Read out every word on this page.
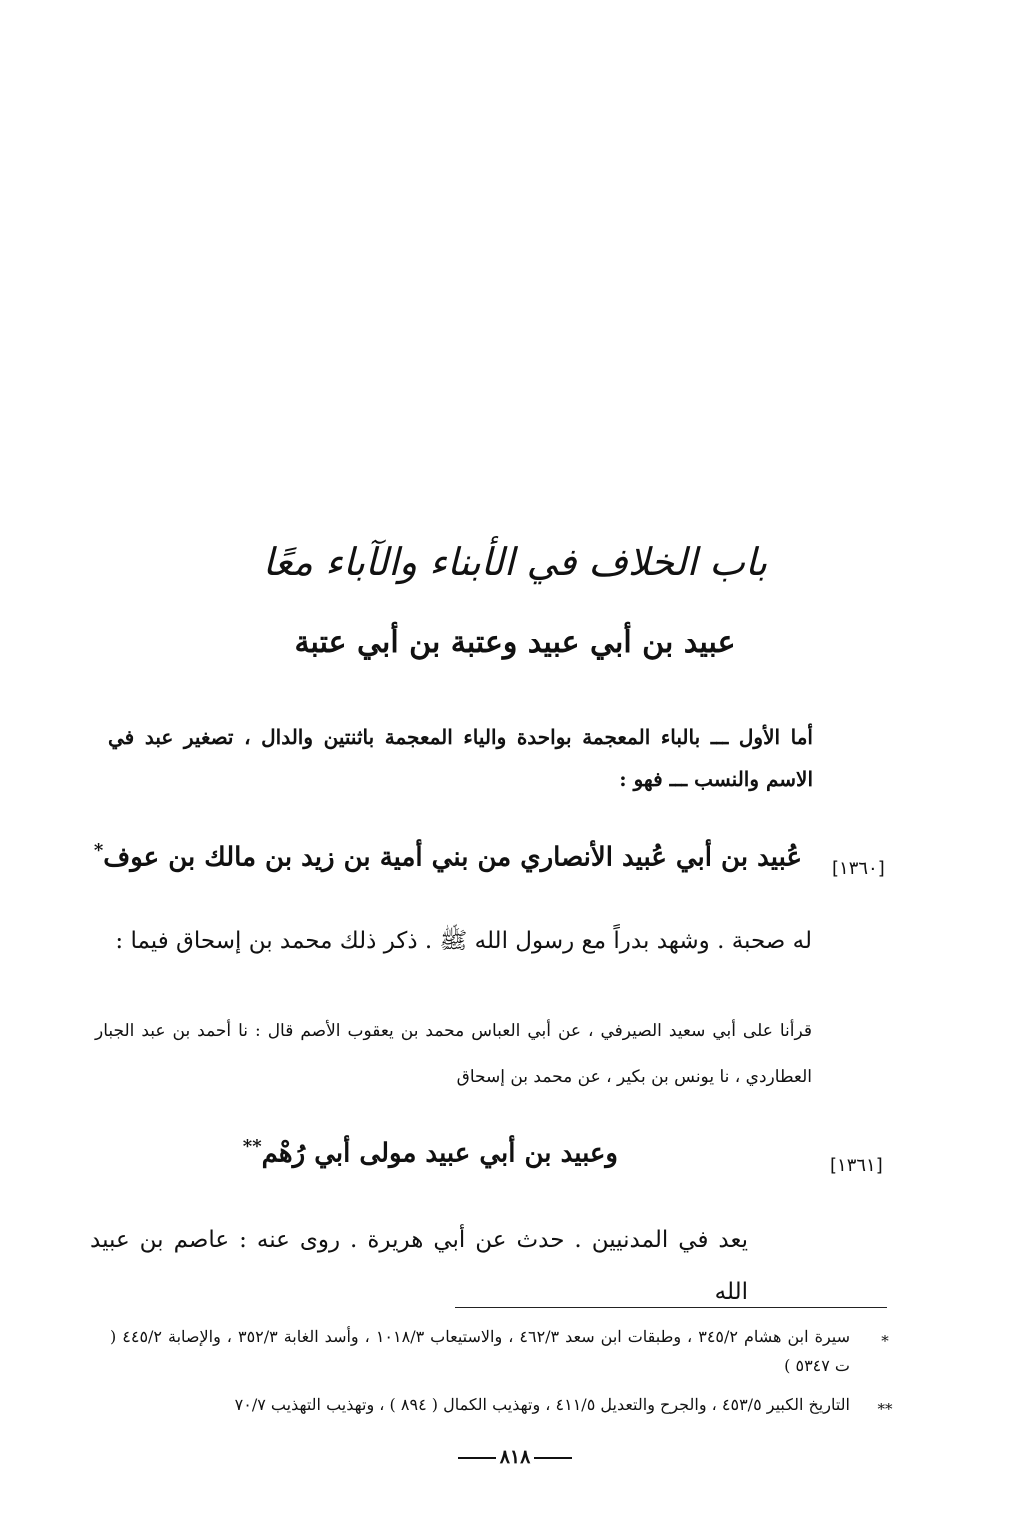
باب الخلاف في الأبناء والآباء معًا
عبيد بن أبي عبيد وعتبة بن أبي عتبة
أما الأول ـــ بالباء المعجمة بواحدة والياء المعجمة باثنتين والدال ، تصغير عبد في الاسم والنسب ـــ فهو :
[١٣٦٠]
عُبيد بن أبي عُبيد الأنصاري من بني أمية بن زيد بن مالك بن عوف*
له صحبة . وشهد بدراً مع رسول الله ﷺ . ذكر ذلك محمد بن إسحاق فيما :
قرأنا على أبي سعيد الصيرفي ، عن أبي العباس محمد بن يعقوب الأصم قال : نا أحمد بن عبد الجبار العطاردي ، نا يونس بن بكير ، عن محمد بن إسحاق
[١٣٦١]
وعبيد بن أبي عبيد مولى أبي رُهْم**
يعد في المدنيين . حدث عن أبي هريرة . روى عنه : عاصم بن عبيد الله
*
سيرة ابن هشام ٣٤٥/٢ ، وطبقات ابن سعد ٤٦٢/٣ ، والاستيعاب ١٠١٨/٣ ، وأسد الغابة ٣٥٢/٣ ، والإصابة ٤٤٥/٢ ( ت ٥٣٤٧ )
**
التاريخ الكبير ٤٥٣/٥ ، والجرح والتعديل ٤١١/٥ ، وتهذيب الكمال ( ٨٩٤ ) ، وتهذيب التهذيب ٧٠/٧
٨١٨
